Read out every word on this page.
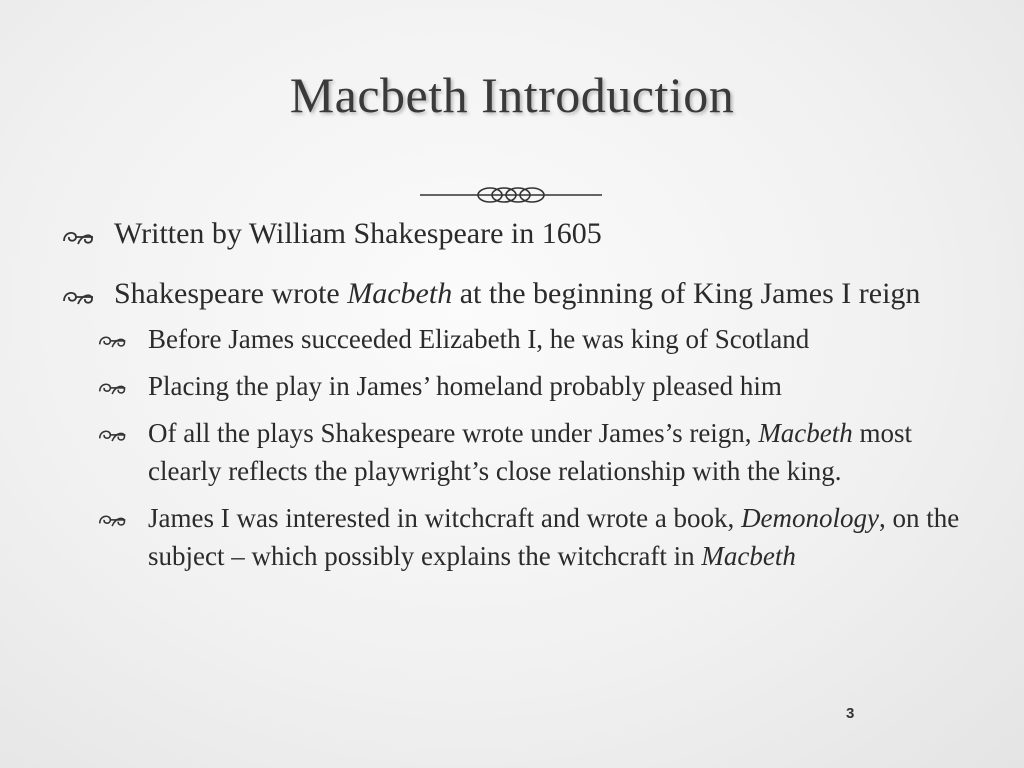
Macbeth Introduction
Written by William Shakespeare in 1605
Shakespeare wrote Macbeth at the beginning of King James I reign
Before James succeeded Elizabeth I, he was king of Scotland
Placing the play in James’ homeland probably pleased him
Of all the plays Shakespeare wrote under James’s reign, Macbeth most clearly reflects the playwright’s close relationship with the king.
James I was interested in witchcraft and wrote a book, Demonology, on the subject – which possibly explains the witchcraft in Macbeth
3
